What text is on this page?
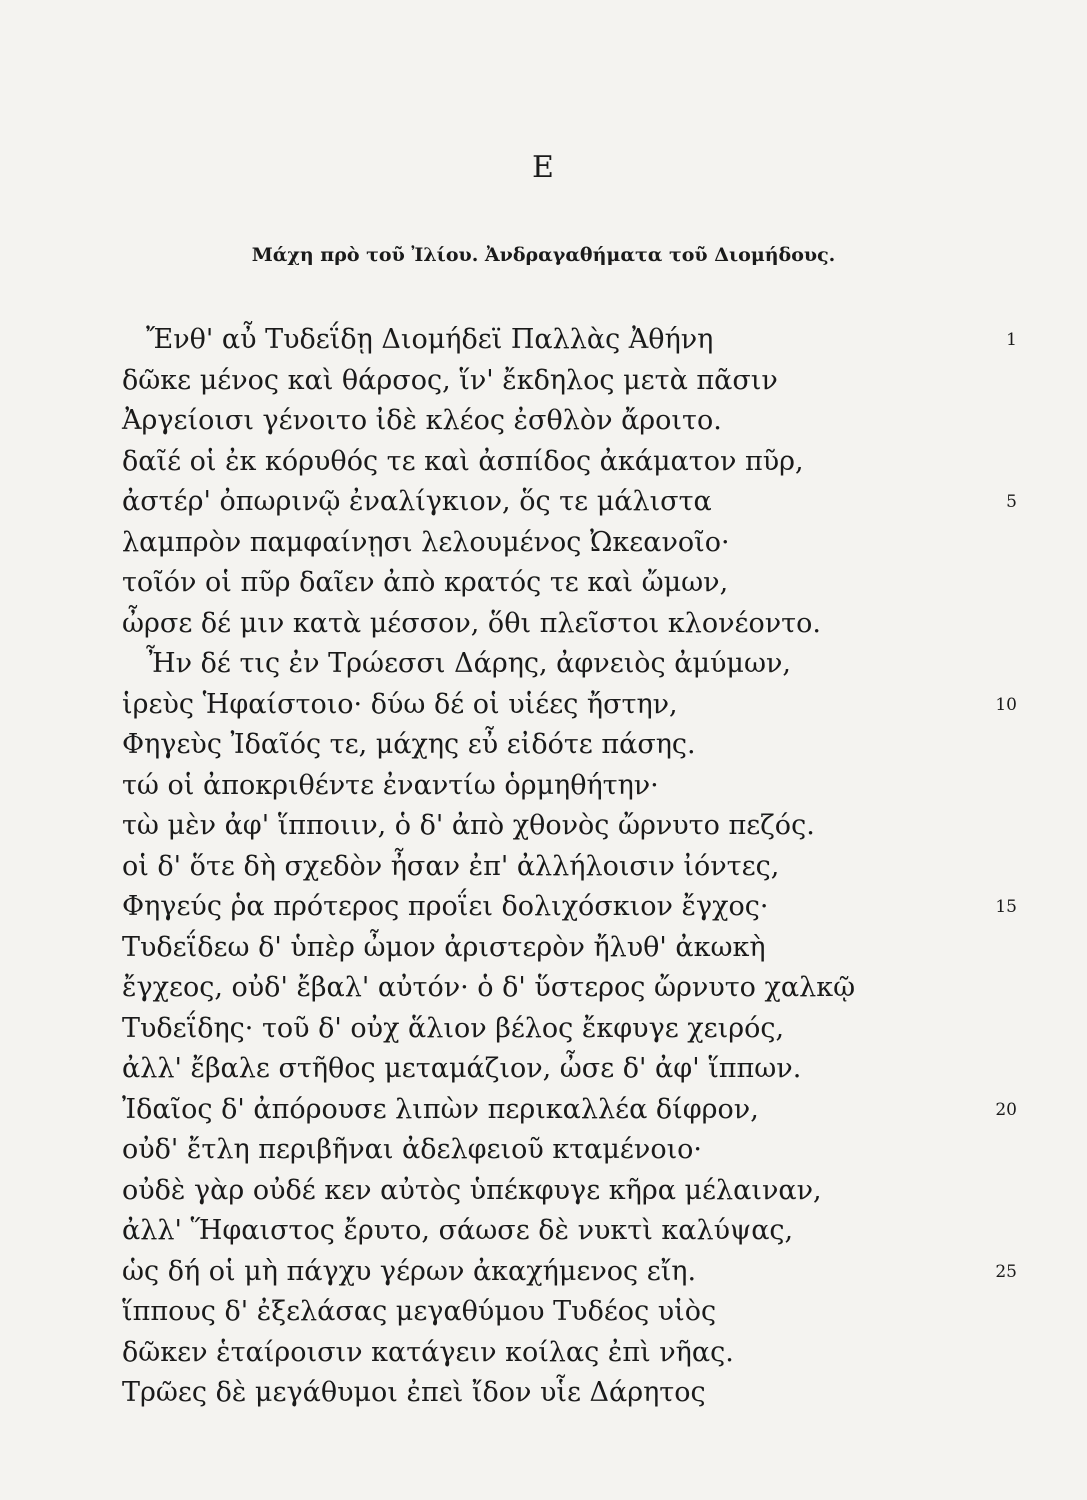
Ε
Μάχη πρὸ τοῦ Ἰλίου. Ἀνδραγαθήματα τοῦ Διομήδους.
Ἔνθ' αὖ Τυδεΐδῃ Διομήδεϊ Παλλὰς Ἀθήνη	1
δῶκε μένος καὶ θάρσος, ἵν' ἔκδηλος μετὰ πᾶσιν
Ἀργείοισι γένοιτο ἰδὲ κλέος ἐσθλὸν ἄροιτο.
δαῖέ οἱ ἐκ κόρυθός τε καὶ ἀσπίδος ἀκάματον πῦρ,
ἀστέρ' ὀπωρινῷ ἐναλίγκιον, ὅς τε μάλιστα	5
λαμπρὸν παμφαίνῃσι λελουμένος Ὠκεανοῖο·
τοῖόν οἱ πῦρ δαῖεν ἀπὸ κρατός τε καὶ ὤμων,
ὦρσε δέ μιν κατὰ μέσσον, ὅθι πλεῖστοι κλονέοντο.
Ἦν δέ τις ἐν Τρώεσσι Δάρης, ἀφνειὸς ἀμύμων,
ἱρεὺς Ἡφαίστοιο· δύω δέ οἱ υἱέες ἤστην,	10
Φηγεὺς Ἰδαῖός τε, μάχης εὖ εἰδότε πάσης.
τώ οἱ ἀποκριθέντε ἐναντίω ὁρμηθήτην·
τὼ μὲν ἀφ' ἵπποιιν, ὁ δ' ἀπὸ χθονὸς ὤρνυτο πεζός.
οἱ δ' ὅτε δὴ σχεδὸν ἦσαν ἐπ' ἀλλήλοισιν ἰόντες,
Φηγεύς ῥα πρότερος προΐει δολιχόσκιον ἔγχος·	15
Τυδεΐδεω δ' ὑπὲρ ὦμον ἀριστερὸν ἤλυθ' ἀκωκὴ
ἔγχεος, οὐδ' ἔβαλ' αὐτόν· ὁ δ' ὕστερος ὤρνυτο χαλκῷ
Τυδεΐδης· τοῦ δ' οὐχ ἅλιον βέλος ἔκφυγε χειρός,
ἀλλ' ἔβαλε στῆθος μεταμάζιον, ὦσε δ' ἀφ' ἵππων.
Ἰδαῖος δ' ἀπόρουσε λιπὼν περικαλλέα δίφρον,	20
οὐδ' ἔτλη περιβῆναι ἀδελφειοῦ κταμένοιο·
οὐδὲ γὰρ οὐδέ κεν αὐτὸς ὑπέκφυγε κῆρα μέλαιναν,
ἀλλ' Ἥφαιστος ἔρυτο, σάωσε δὲ νυκτὶ καλύψας,
ὡς δή οἱ μὴ πάγχυ γέρων ἀκαχήμενος εἴη.	25
ἵππους δ' ἐξελάσας μεγαθύμου Τυδέος υἱὸς
δῶκεν ἑταίροισιν κατάγειν κοίλας ἐπὶ νῆας.
Τρῶες δὲ μεγάθυμοι ἐπεὶ ἴδον υἷε Δάρητος
